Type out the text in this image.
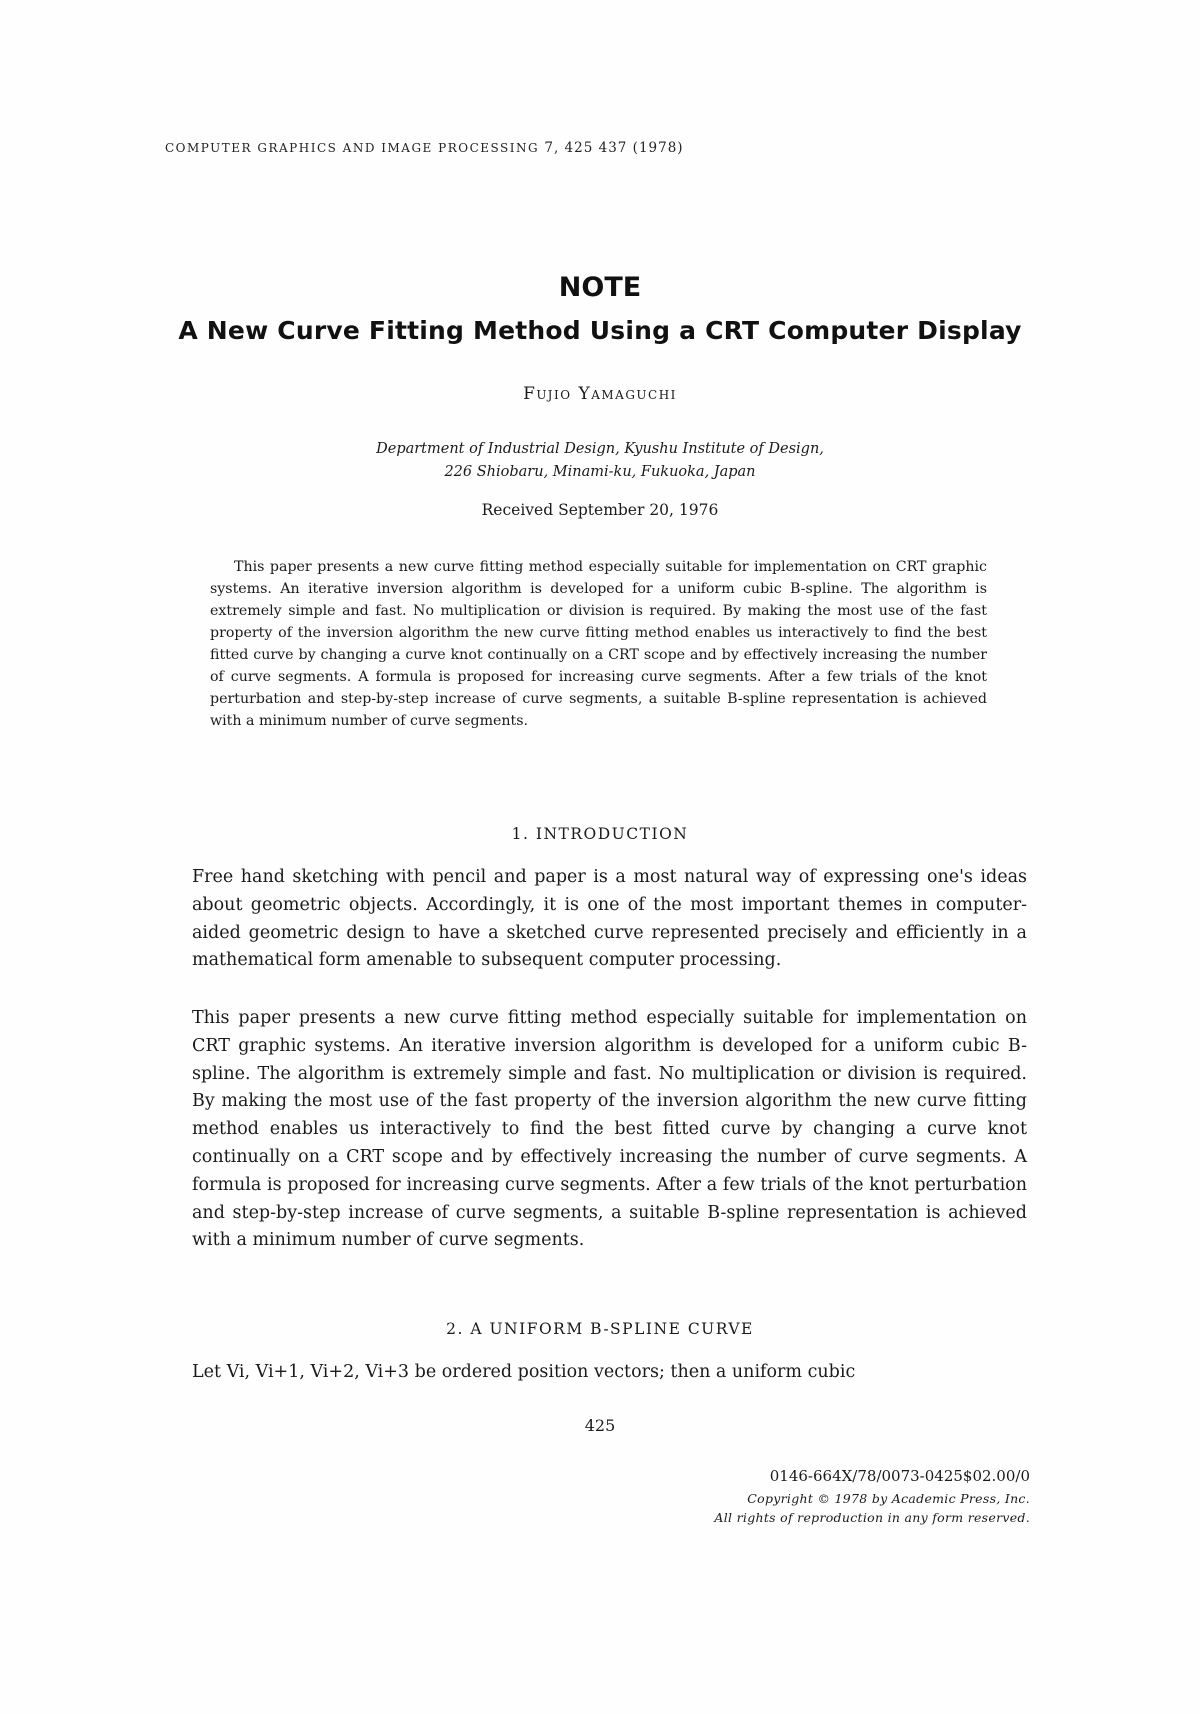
COMPUTER GRAPHICS AND IMAGE PROCESSING 7, 425 437 (1978)
NOTE
A New Curve Fitting Method Using a CRT Computer Display
Fujio Yamaguchi
Department of Industrial Design, Kyushu Institute of Design,
226 Shiobaru, Minami-ku, Fukuoka, Japan
Received September 20, 1976

This paper presents a new curve fitting method especially suitable for implementation on CRT graphic systems. An iterative inversion algorithm is developed for a uniform cubic B-spline. The algorithm is extremely simple and fast. No multiplication or division is required. By making the most use of the fast property of the inversion algorithm the new curve fitting method enables us interactively to find the best fitted curve by changing a curve knot continually on a CRT scope and by effectively increasing the number of curve segments. A formula is proposed for increasing curve segments. After a few trials of the knot perturbation and step-by-step increase of curve segments, a suitable B-spline representation is achieved with a minimum number of curve segments.

1. INTRODUCTION

Free hand sketching with pencil and paper is a most natural way of expressing one's ideas about geometric objects. Accordingly, it is one of the most important themes in computer-aided geometric design to have a sketched curve represented precisely and efficiently in a mathematical form amenable to subsequent computer processing.

This paper presents a new curve fitting method especially suitable for implementation on CRT graphic systems. An iterative inversion algorithm is developed for a uniform cubic B-spline. The algorithm is extremely simple and fast. No multiplication or division is required. By making the most use of the fast property of the inversion algorithm the new curve fitting method enables us interactively to find the best fitted curve by changing a curve knot continually on a CRT scope and by effectively increasing the number of curve segments. A formula is proposed for increasing curve segments. After a few trials of the knot perturbation and step-by-step increase of curve segments, a suitable B-spline representation is achieved with a minimum number of curve segments.

2. A UNIFORM B-SPLINE CURVE

Let Vi, Vi+1, Vi+2, Vi+3 be ordered position vectors; then a uniform cubic

425
0146-664X/78/0073-0425$02.00/0
Copyright © 1978 by Academic Press, Inc.
All rights of reproduction in any form reserved.
